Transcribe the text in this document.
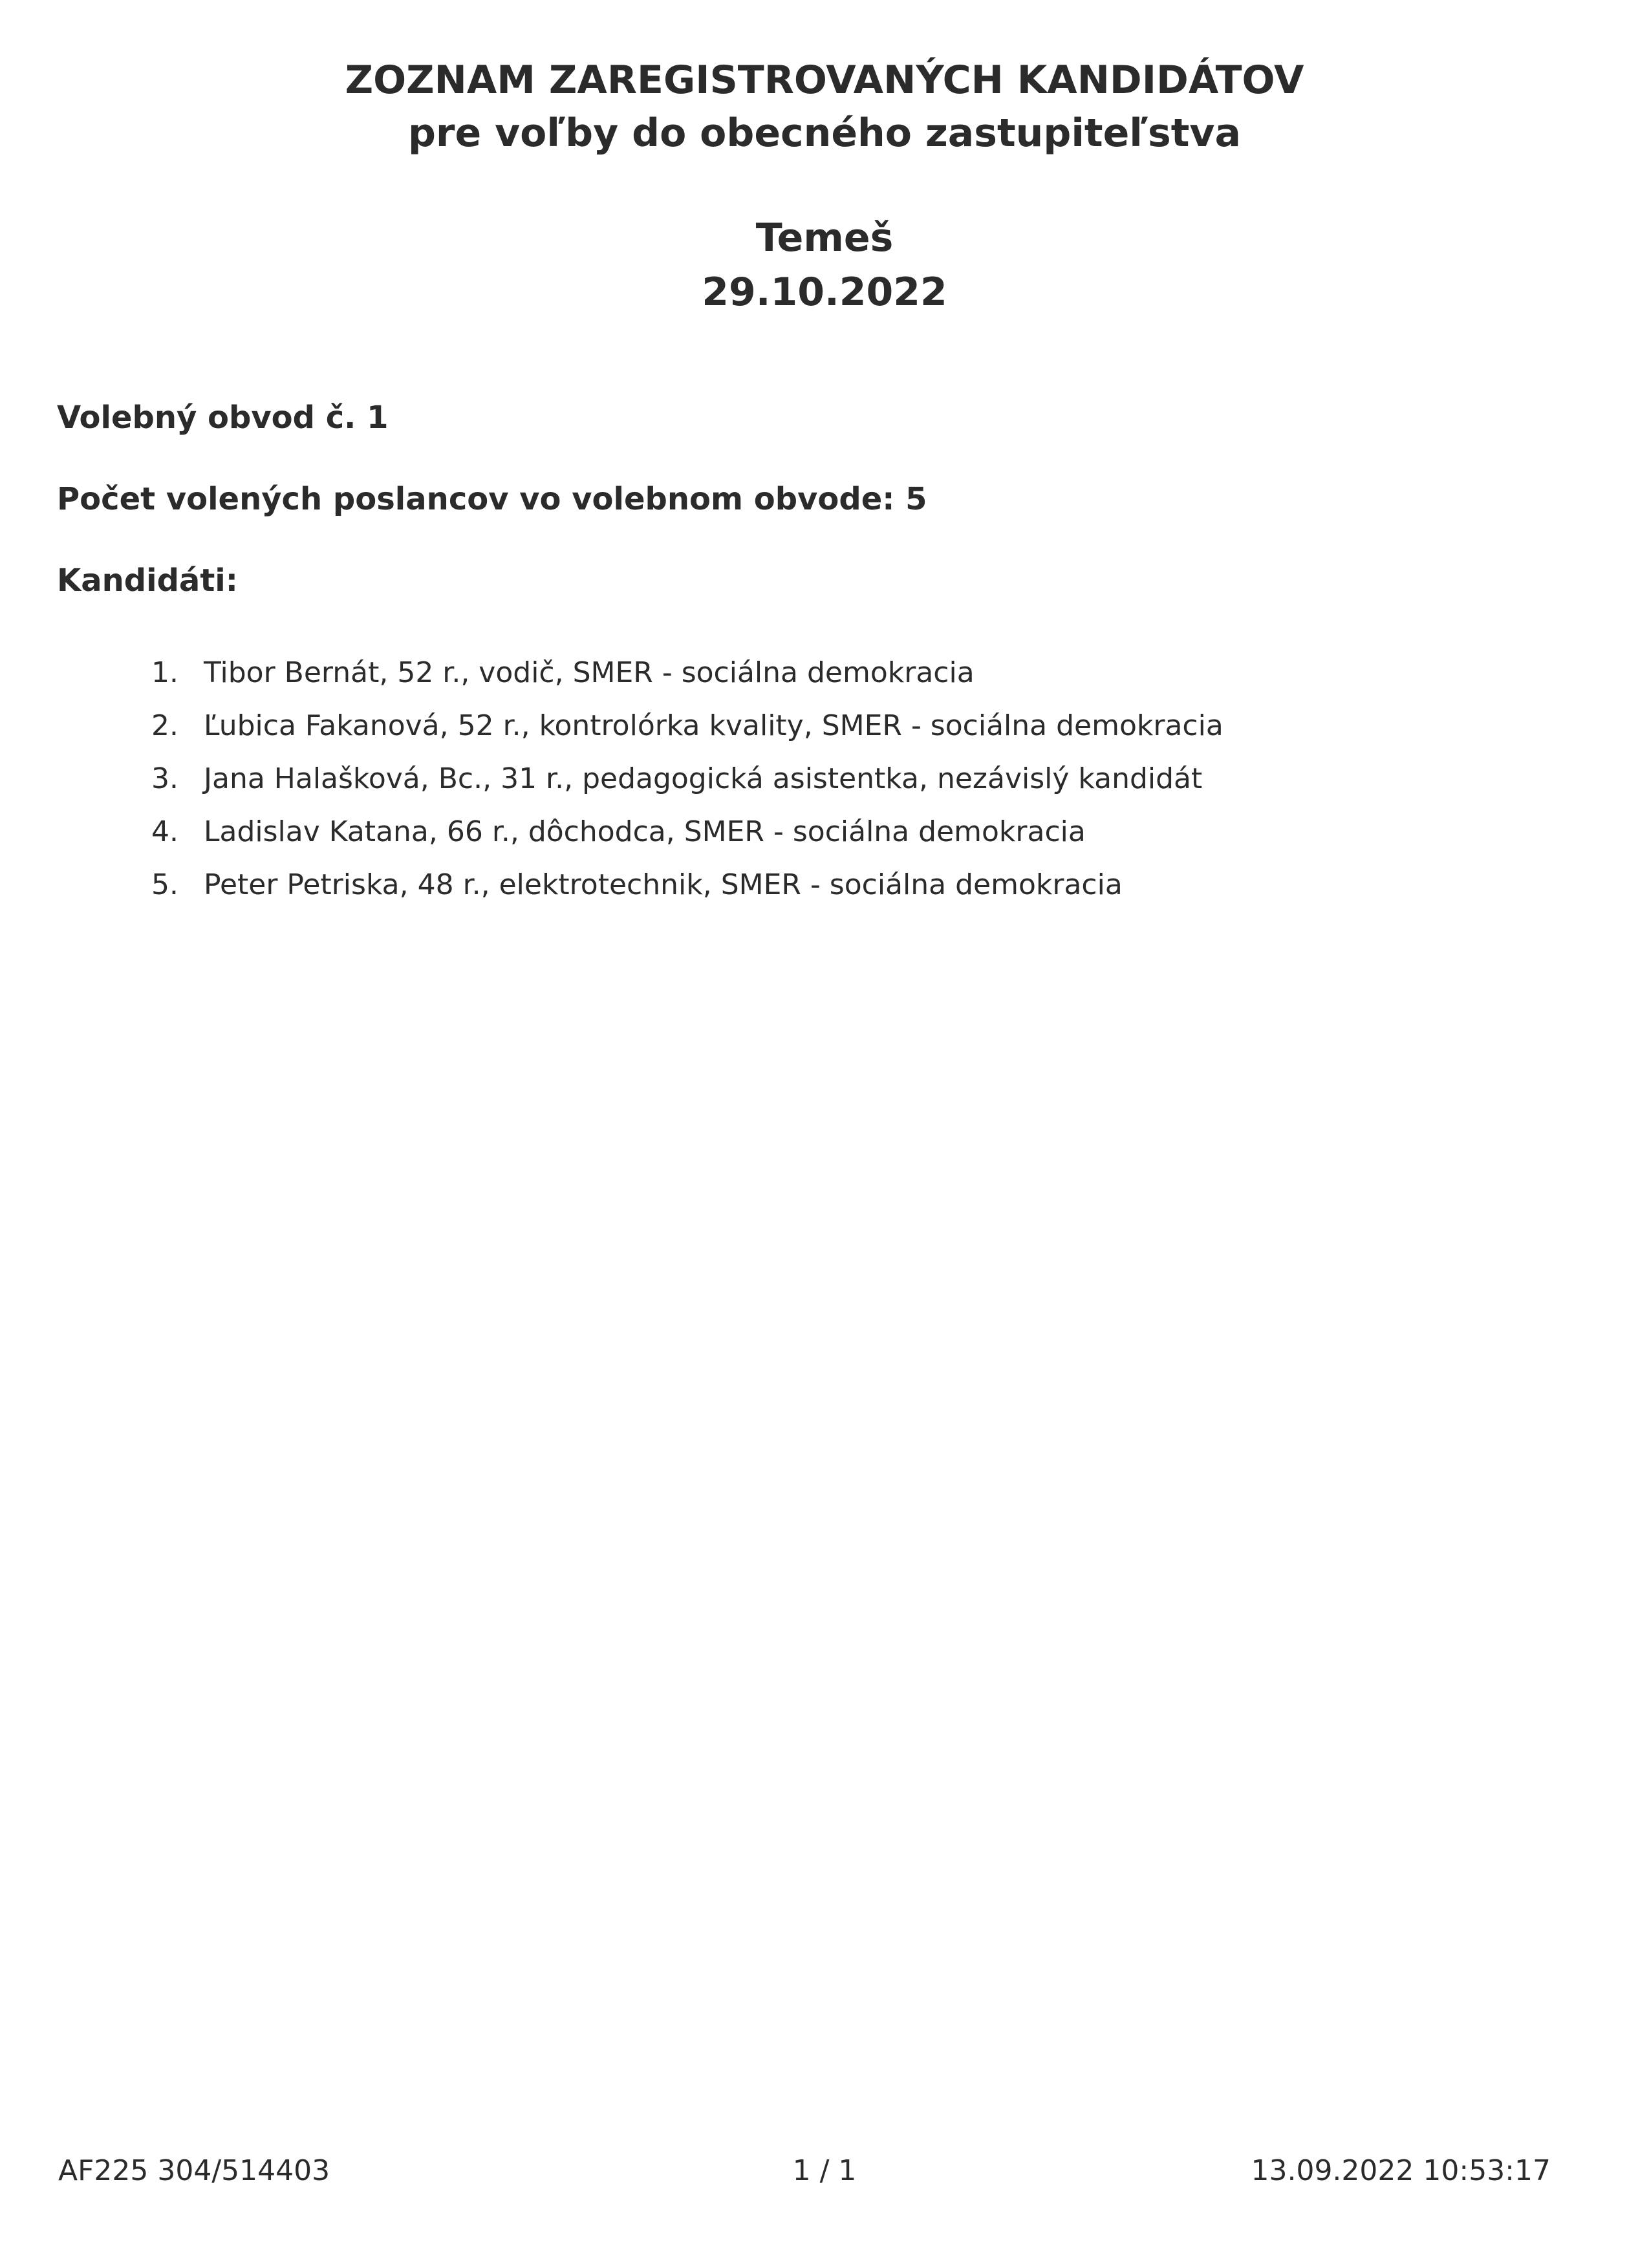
ZOZNAM ZAREGISTROVANÝCH KANDIDÁTOV
pre voľby do obecného zastupiteľstva
Temeš
29.10.2022
Volebný obvod č. 1
Počet volených poslancov vo volebnom obvode: 5
Kandidáti:
1. Tibor Bernát, 52 r., vodič, SMER - sociálna demokracia
2. Ľubica Fakanová, 52 r., kontrolórka kvality, SMER - sociálna demokracia
3. Jana Halašková, Bc., 31 r., pedagogická asistentka, nezávislý kandidát
4. Ladislav Katana, 66 r., dôchodca, SMER - sociálna demokracia
5. Peter Petriska, 48 r., elektrotechnik, SMER - sociálna demokracia
AF225 304/514403	1 / 1	13.09.2022 10:53:17
